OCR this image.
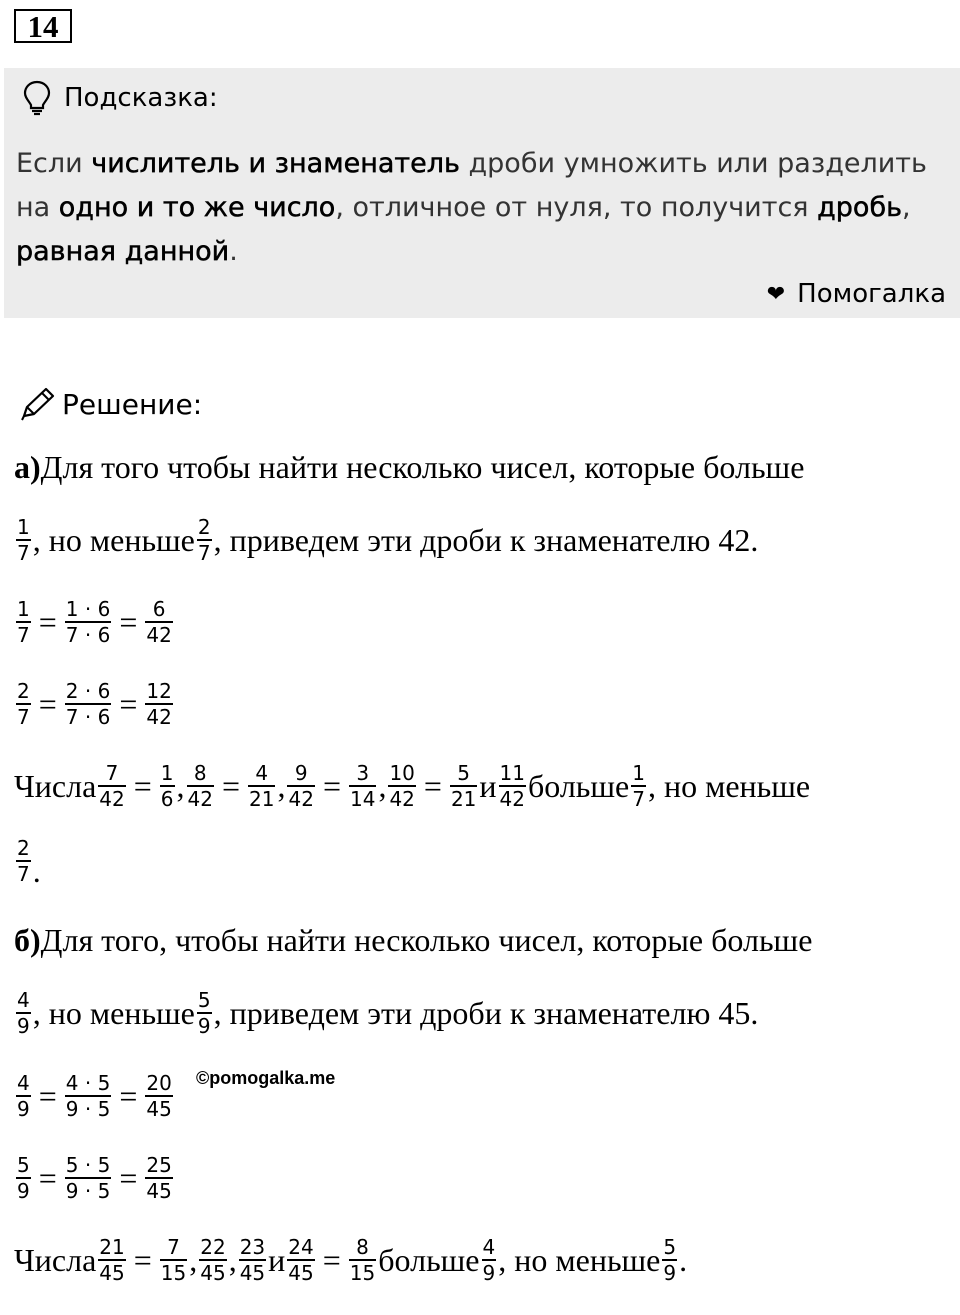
14
Подсказка:
Если числитель и знаменатель дроби умножить или разделить на одно и то же число, отличное от нуля, то получится дробь, равная данной.
❤ Помогалка
Решение:
а) Для того чтобы найти несколько чисел, которые больше
$\frac{1}{7}$ , но меньше $\frac{2}{7}$ , приведем эти дроби к знаменателю 42.
$\frac{1}{7} = \frac{1 \cdot 6}{7 \cdot 6} = \frac{6}{42}$
$\frac{2}{7} = \frac{2 \cdot 6}{7 \cdot 6} = \frac{12}{42}$
Числа $\frac{7}{42} = \frac{1}{6}$ , $\frac{8}{42} = \frac{4}{21}$ , $\frac{9}{42} = \frac{3}{14}$ , $\frac{10}{42} = \frac{5}{21}$ и $\frac{11}{42}$ больше $\frac{1}{7}$ , но меньше
$\frac{2}{7}$ .
б) Для того, чтобы найти несколько чисел, которые больше
$\frac{4}{9}$ , но меньше $\frac{5}{9}$ , приведем эти дроби к знаменателю 45.
$\frac{4}{9} = \frac{4 \cdot 5}{9 \cdot 5} = \frac{20}{45}$ ©pomogalka.me
$\frac{5}{9} = \frac{5 \cdot 5}{9 \cdot 5} = \frac{25}{45}$
Числа $\frac{21}{45} = \frac{7}{15}$ , $\frac{22}{45}$ , $\frac{23}{45}$ и $\frac{24}{45} = \frac{8}{15}$ больше $\frac{4}{9}$ , но меньше $\frac{5}{9}$ .
